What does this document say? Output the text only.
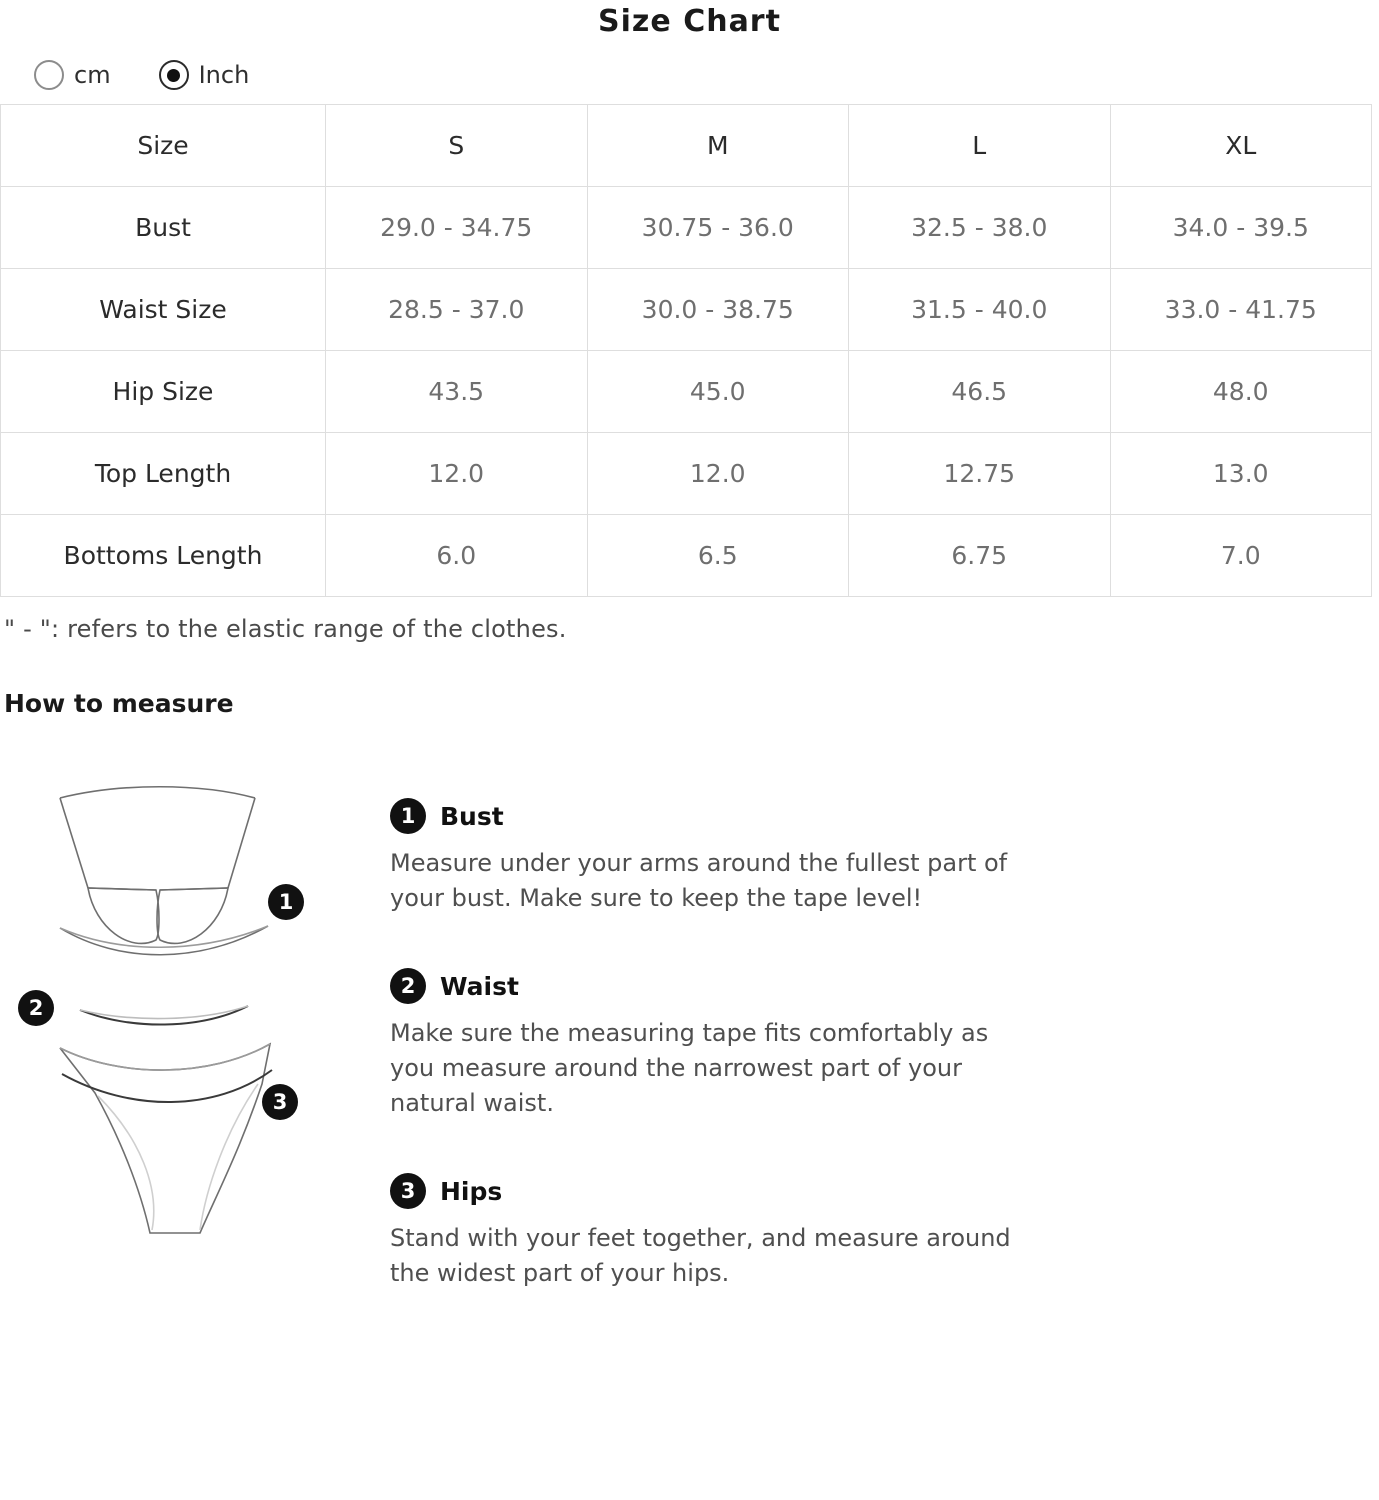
Size Chart
cm	Inch
Size	S	M	L	XL
Bust	29.0 - 34.75	30.75 - 36.0	32.5 - 38.0	34.0 - 39.5
Waist Size	28.5 - 37.0	30.0 - 38.75	31.5 - 40.0	33.0 - 41.75
Hip Size	43.5	45.0	46.5	48.0
Top Length	12.0	12.0	12.75	13.0
Bottoms Length	6.0	6.5	6.75	7.0
" - ": refers to the elastic range of the clothes.
How to measure
1
2
3
1 Bust
Measure under your arms around the fullest part of your bust. Make sure to keep the tape level!
2 Waist
Make sure the measuring tape fits comfortably as you measure around the narrowest part of your natural waist.
3 Hips
Stand with your feet together, and measure around the widest part of your hips.
